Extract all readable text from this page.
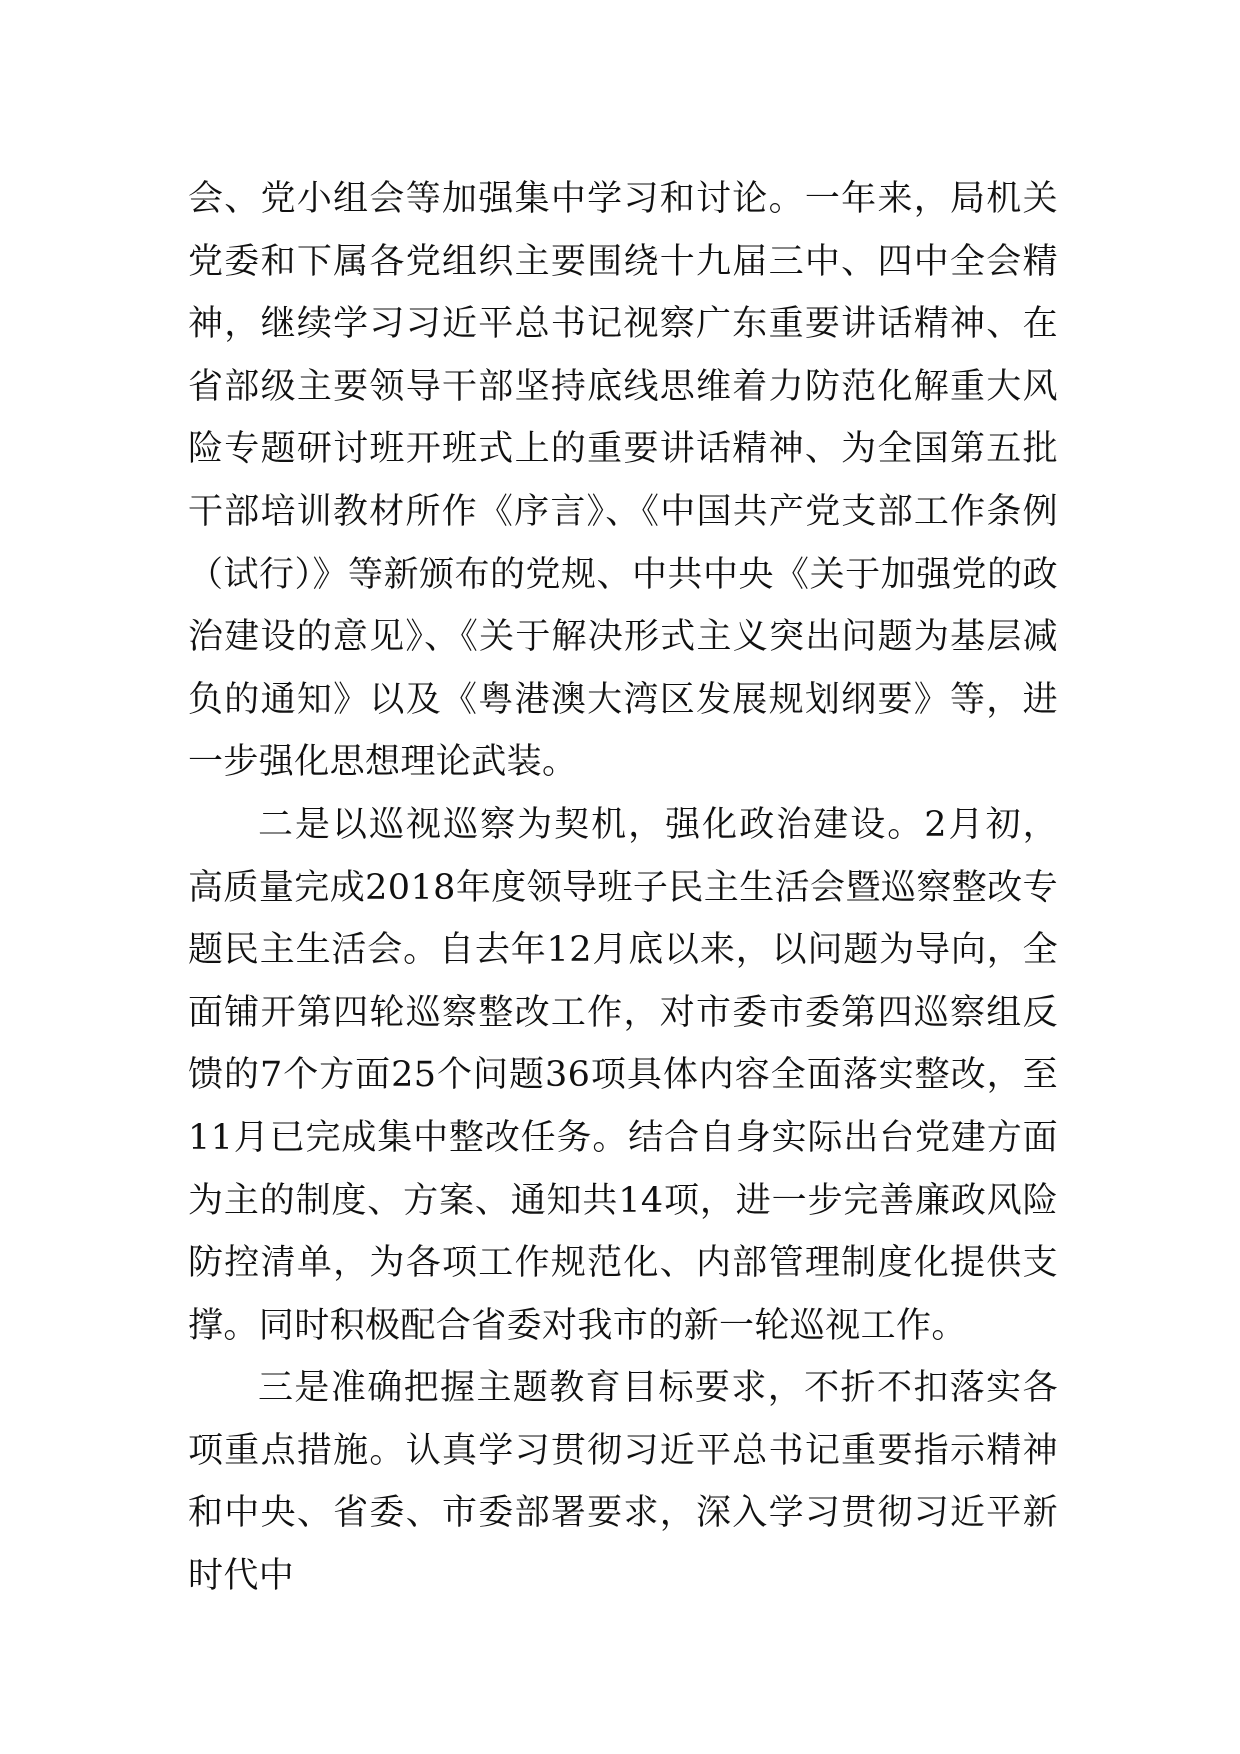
会、党小组会等加强集中学习和讨论。一年来，局机关党委和下属各党组织主要围绕十九届三中、四中全会精神，继续学习习近平总书记视察广东重要讲话精神、在省部级主要领导干部坚持底线思维着力防范化解重大风险专题研讨班开班式上的重要讲话精神、为全国第五批干部培训教材所作《序言》、《中国共产党支部工作条例（试行）》等新颁布的党规、中共中央《关于加强党的政治建设的意见》、《关于解决形式主义突出问题为基层减负的通知》以及《粤港澳大湾区发展规划纲要》等，进一步强化思想理论武装。

二是以巡视巡察为契机，强化政治建设。2月初，高质量完成2018年度领导班子民主生活会暨巡察整改专题民主生活会。自去年12月底以来，以问题为导向，全面铺开第四轮巡察整改工作，对市委市委第四巡察组反馈的7个方面25个问题36项具体内容全面落实整改，至11月已完成集中整改任务。结合自身实际出台党建方面为主的制度、方案、通知共14项，进一步完善廉政风险防控清单，为各项工作规范化、内部管理制度化提供支撑。同时积极配合省委对我市的新一轮巡视工作。

三是准确把握主题教育目标要求，不折不扣落实各项重点措施。认真学习贯彻习近平总书记重要指示精神和中央、省委、市委部署要求，深入学习贯彻习近平新时代中
